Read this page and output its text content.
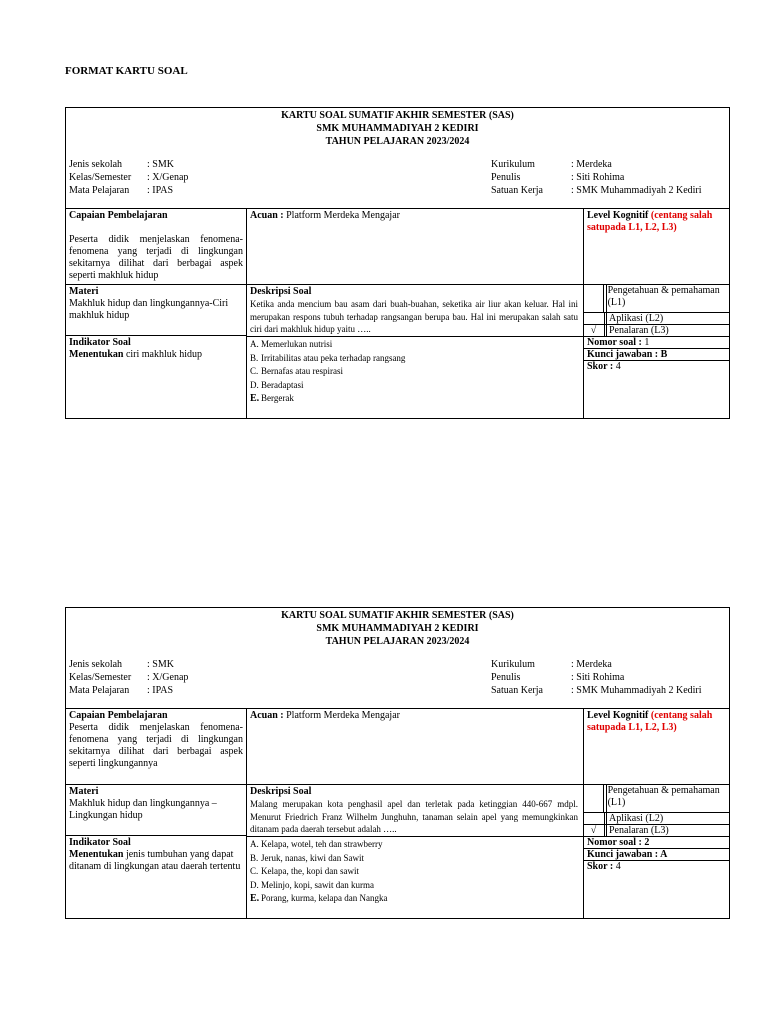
FORMAT KARTU SOAL
KARTU SOAL SUMATIF AKHIR SEMESTER (SAS)
SMK MUHAMMADIYAH 2 KEDIRI
TAHUN PELAJARAN 2023/2024
Jenis sekolah	: SMK
Kelas/Semester	: X/Genap
Mata Pelajaran	: IPAS
Kurikulum	: Merdeka
Penulis	: Siti Rohima
Satuan Kerja	: SMK Muhammadiyah 2 Kediri
Capaian Pembelajaran
Peserta didik menjelaskan fenomena-fenomena yang terjadi di lingkungan sekitarnya dilihat dari berbagai aspek seperti makhluk hidup
Acuan : Platform Merdeka Mengajar	Level Kognitif (centang salah satupada L1, L2, L3)
Materi
Makhluk hidup dan lingkungannya-Ciri makhluk hidup
Deskripsi Soal
Ketika anda mencium bau asam dari buah-buahan, seketika air liur akan keluar. Hal ini merupakan respons tubuh terhadap rangsangan berupa bau. Hal ini merupakan salah satu ciri dari makhluk hidup yaitu …..
Pengetahuan & pemahaman (L1)
Aplikasi (L2)
√	Penalaran (L3)
Indikator Soal
Menentukan ciri makhluk hidup
A. Memerlukan nutrisi
B. Irritabilitas atau peka terhadap rangsang
C. Bernafas atau respirasi
D. Beradaptasi
E. Bergerak
Nomor soal : 1
Kunci jawaban : B
Skor : 4
KARTU SOAL SUMATIF AKHIR SEMESTER (SAS)
SMK MUHAMMADIYAH 2 KEDIRI
TAHUN PELAJARAN 2023/2024
Jenis sekolah	: SMK
Kelas/Semester	: X/Genap
Mata Pelajaran	: IPAS
Kurikulum	: Merdeka
Penulis	: Siti Rohima
Satuan Kerja	: SMK Muhammadiyah 2 Kediri
Capaian Pembelajaran
Peserta didik menjelaskan fenomena-fenomena yang terjadi di lingkungan sekitarnya dilihat dari berbagai aspek seperti lingkungannya
Acuan : Platform Merdeka Mengajar	Level Kognitif (centang salah satupada L1, L2, L3)
Materi
Makhluk hidup dan lingkungannya – Lingkungan hidup
Deskripsi Soal
Malang merupakan kota penghasil apel dan terletak pada ketinggian 440-667 mdpl. Menurut Friedrich Franz Wilhelm Junghuhn, tanaman selain apel yang memungkinkan ditanam pada daerah tersebut adalah …..
Pengetahuan & pemahaman (L1)
Aplikasi (L2)
√	Penalaran (L3)
Indikator Soal
Menentukan jenis tumbuhan yang dapat ditanam di lingkungan atau daerah tertentu
A. Kelapa, wotel, teh dan strawberry
B. Jeruk, nanas, kiwi dan Sawit
C. Kelapa, the, kopi dan sawit
D. Melinjo, kopi, sawit dan kurma
E. Porang, kurma, kelapa dan Nangka
Nomor soal : 2
Kunci jawaban : A
Skor : 4
